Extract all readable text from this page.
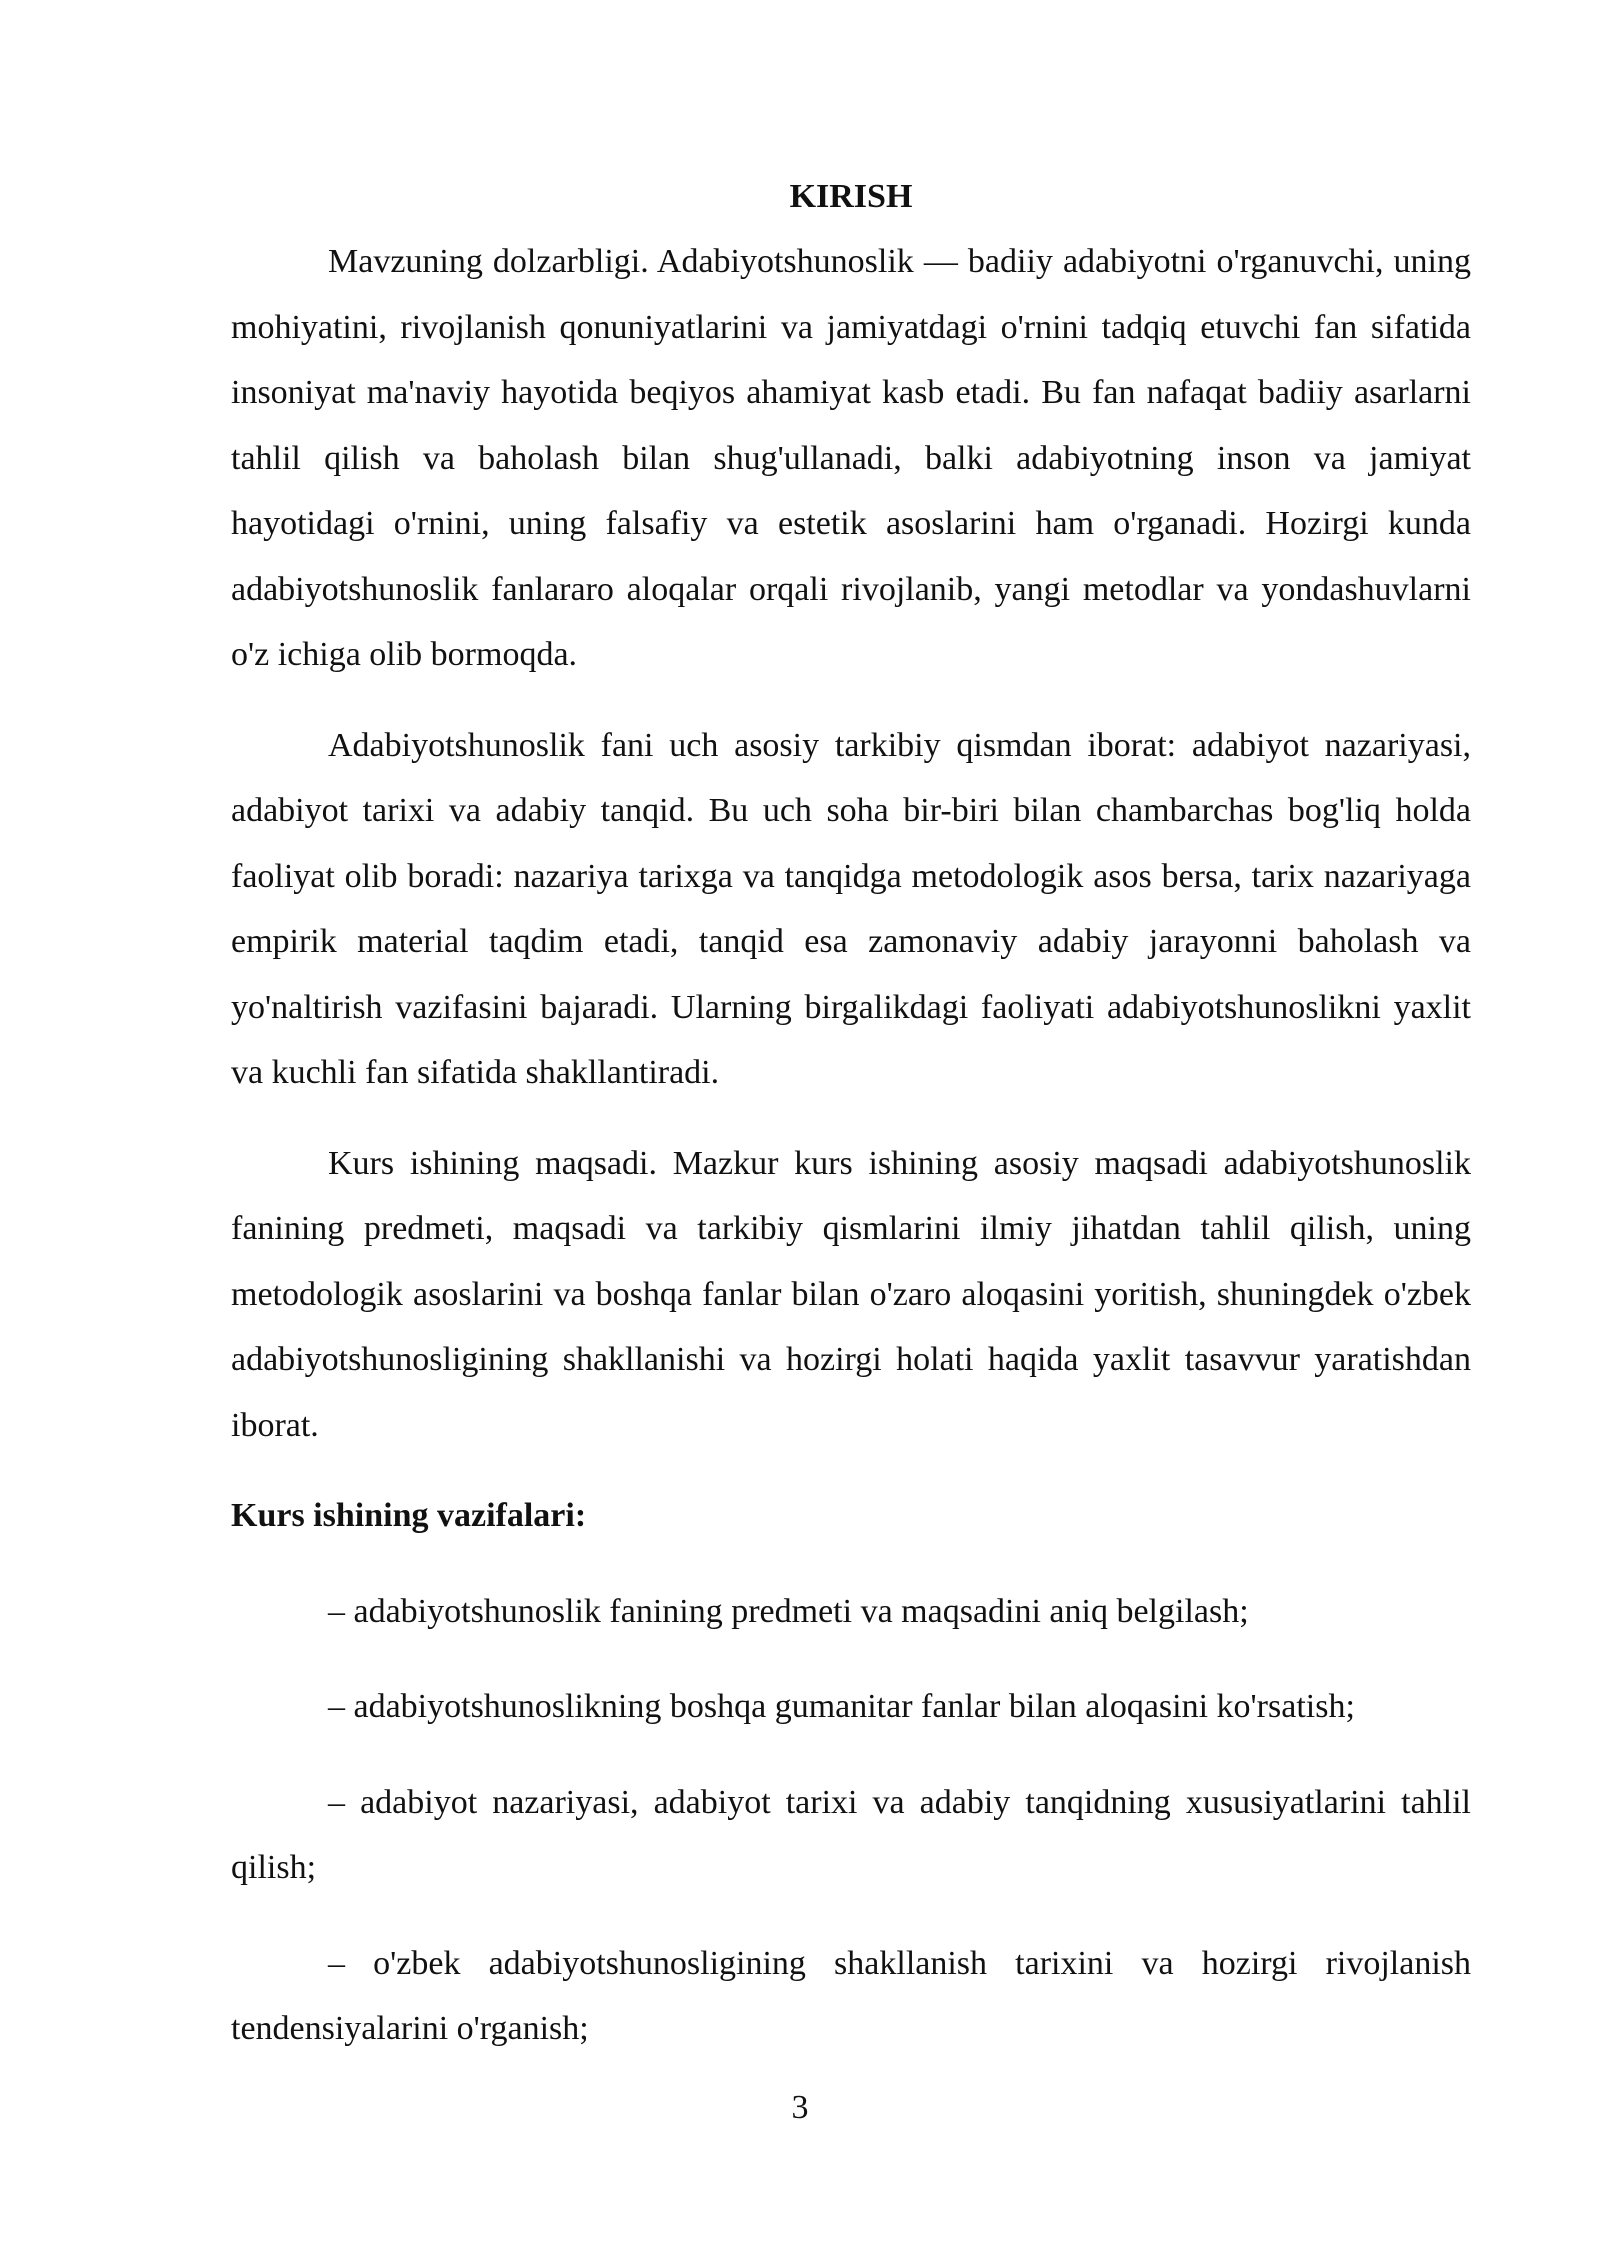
KIRISH

Mavzuning dolzarbligi. Adabiyotshunoslik — badiiy adabiyotni o'rganuvchi, uning mohiyatini, rivojlanish qonuniyatlarini va jamiyatdagi o'rnini tadqiq etuvchi fan sifatida insoniyat ma'naviy hayotida beqiyos ahamiyat kasb etadi. Bu fan nafaqat badiiy asarlarni tahlil qilish va baholash bilan shug'ullanadi, balki adabiyotning inson va jamiyat hayotidagi o'rnini, uning falsafiy va estetik asoslarini ham o'rganadi. Hozirgi kunda adabiyotshunoslik fanlararo aloqalar orqali rivojlanib, yangi metodlar va yondashuvlarni o'z ichiga olib bormoqda.

Adabiyotshunoslik fani uch asosiy tarkibiy qismdan iborat: adabiyot nazariyasi, adabiyot tarixi va adabiy tanqid. Bu uch soha bir-biri bilan chambarchas bog'liq holda faoliyat olib boradi: nazariya tarixga va tanqidga metodologik asos bersa, tarix nazariyaga empirik material taqdim etadi, tanqid esa zamonaviy adabiy jarayonni baholash va yo'naltirish vazifasini bajaradi. Ularning birgalikdagi faoliyati adabiyotshunoslikni yaxlit va kuchli fan sifatida shakllantiradi.

Kurs ishining maqsadi. Mazkur kurs ishining asosiy maqsadi adabiyotshunoslik fanining predmeti, maqsadi va tarkibiy qismlarini ilmiy jihatdan tahlil qilish, uning metodologik asoslarini va boshqa fanlar bilan o'zaro aloqasini yoritish, shuningdek o'zbek adabiyotshunosligining shakllanishi va hozirgi holati haqida yaxlit tasavvur yaratishdan iborat.

Kurs ishining vazifalari:

– adabiyotshunoslik fanining predmeti va maqsadini aniq belgilash;

– adabiyotshunoslikning boshqa gumanitar fanlar bilan aloqasini ko'rsatish;

– adabiyot nazariyasi, adabiyot tarixi va adabiy tanqidning xususiyatlarini tahlil qilish;

– o'zbek adabiyotshunosligining shakllanish tarixini va hozirgi rivojlanish tendensiyalarini o'rganish;

3
